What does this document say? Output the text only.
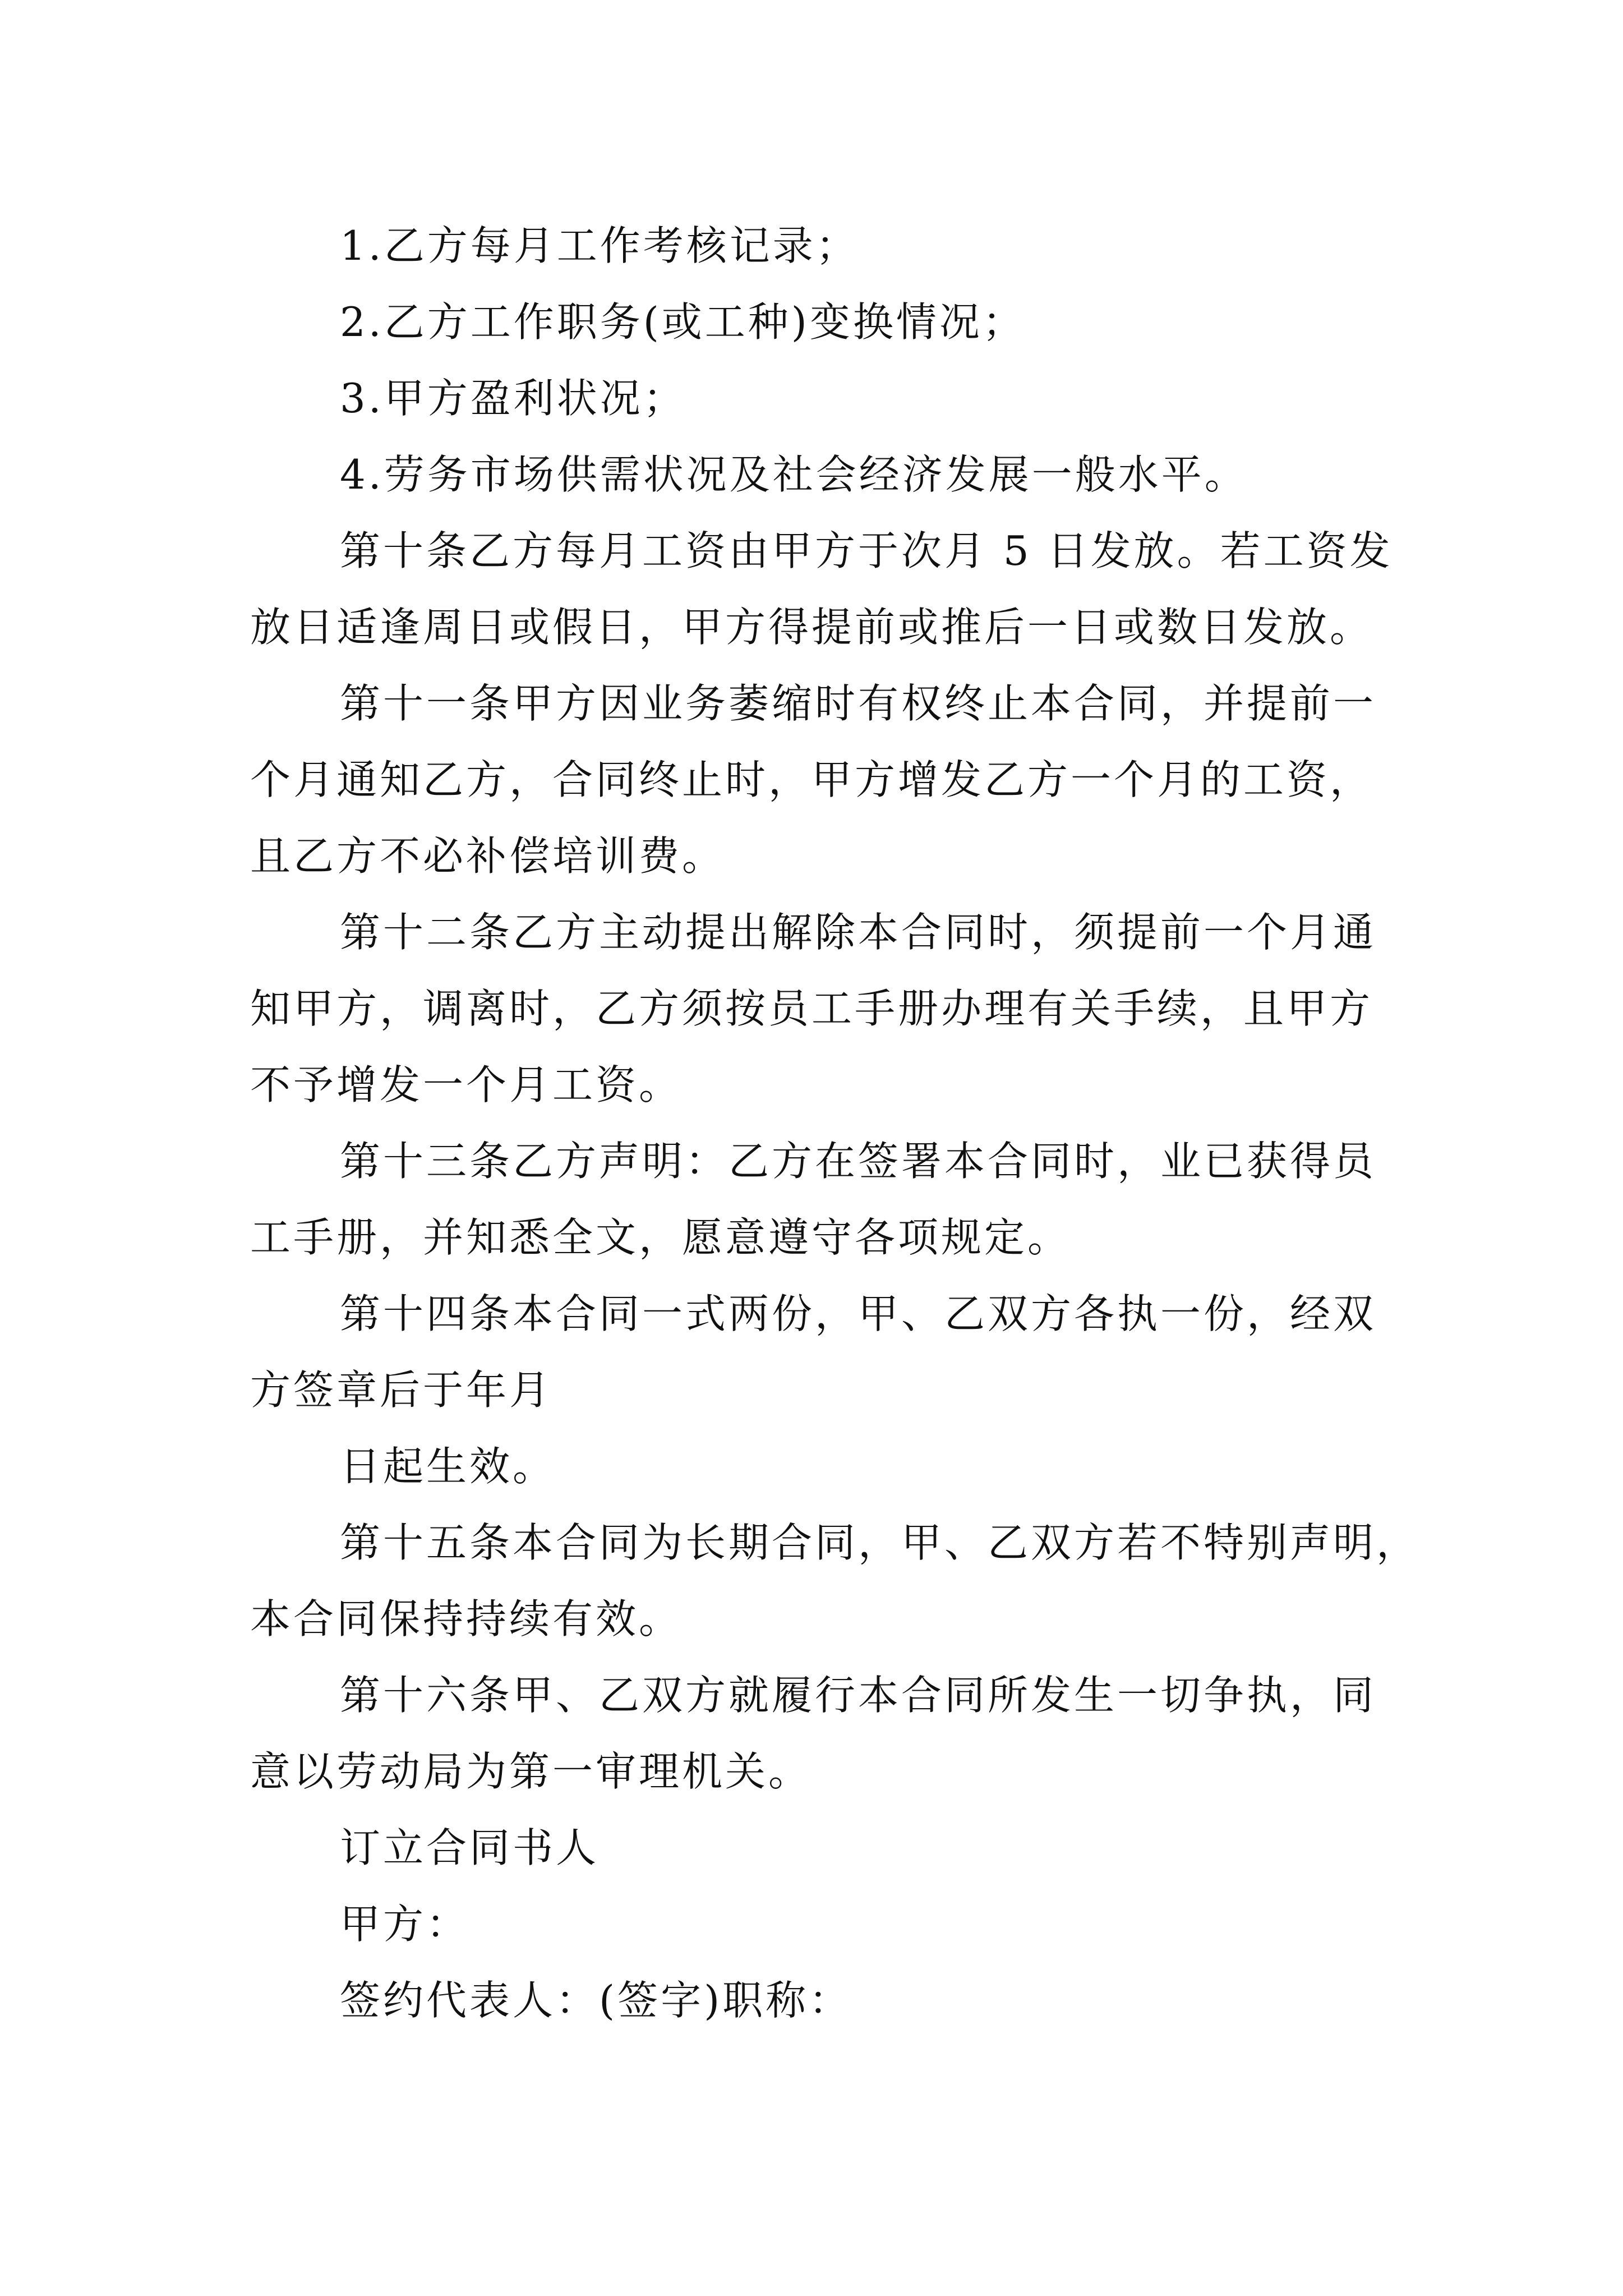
1.乙方每月工作考核记录；
2.乙方工作职务(或工种)变换情况；
3.甲方盈利状况；
4.劳务市场供需状况及社会经济发展一般水平。
第十条乙方每月工资由甲方于次月 5 日发放。若工资发
放日适逢周日或假日，甲方得提前或推后一日或数日发放。
第十一条甲方因业务萎缩时有权终止本合同，并提前一
个月通知乙方，合同终止时，甲方增发乙方一个月的工资，
且乙方不必补偿培训费。
第十二条乙方主动提出解除本合同时，须提前一个月通
知甲方，调离时，乙方须按员工手册办理有关手续，且甲方
不予增发一个月工资。
第十三条乙方声明：乙方在签署本合同时，业已获得员
工手册，并知悉全文，愿意遵守各项规定。
第十四条本合同一式两份，甲、乙双方各执一份，经双
方签章后于年月
日起生效。
第十五条本合同为长期合同，甲、乙双方若不特别声明，
本合同保持持续有效。
第十六条甲、乙双方就履行本合同所发生一切争执，同
意以劳动局为第一审理机关。
订立合同书人
甲方：
签约代表人：(签字)职称：
